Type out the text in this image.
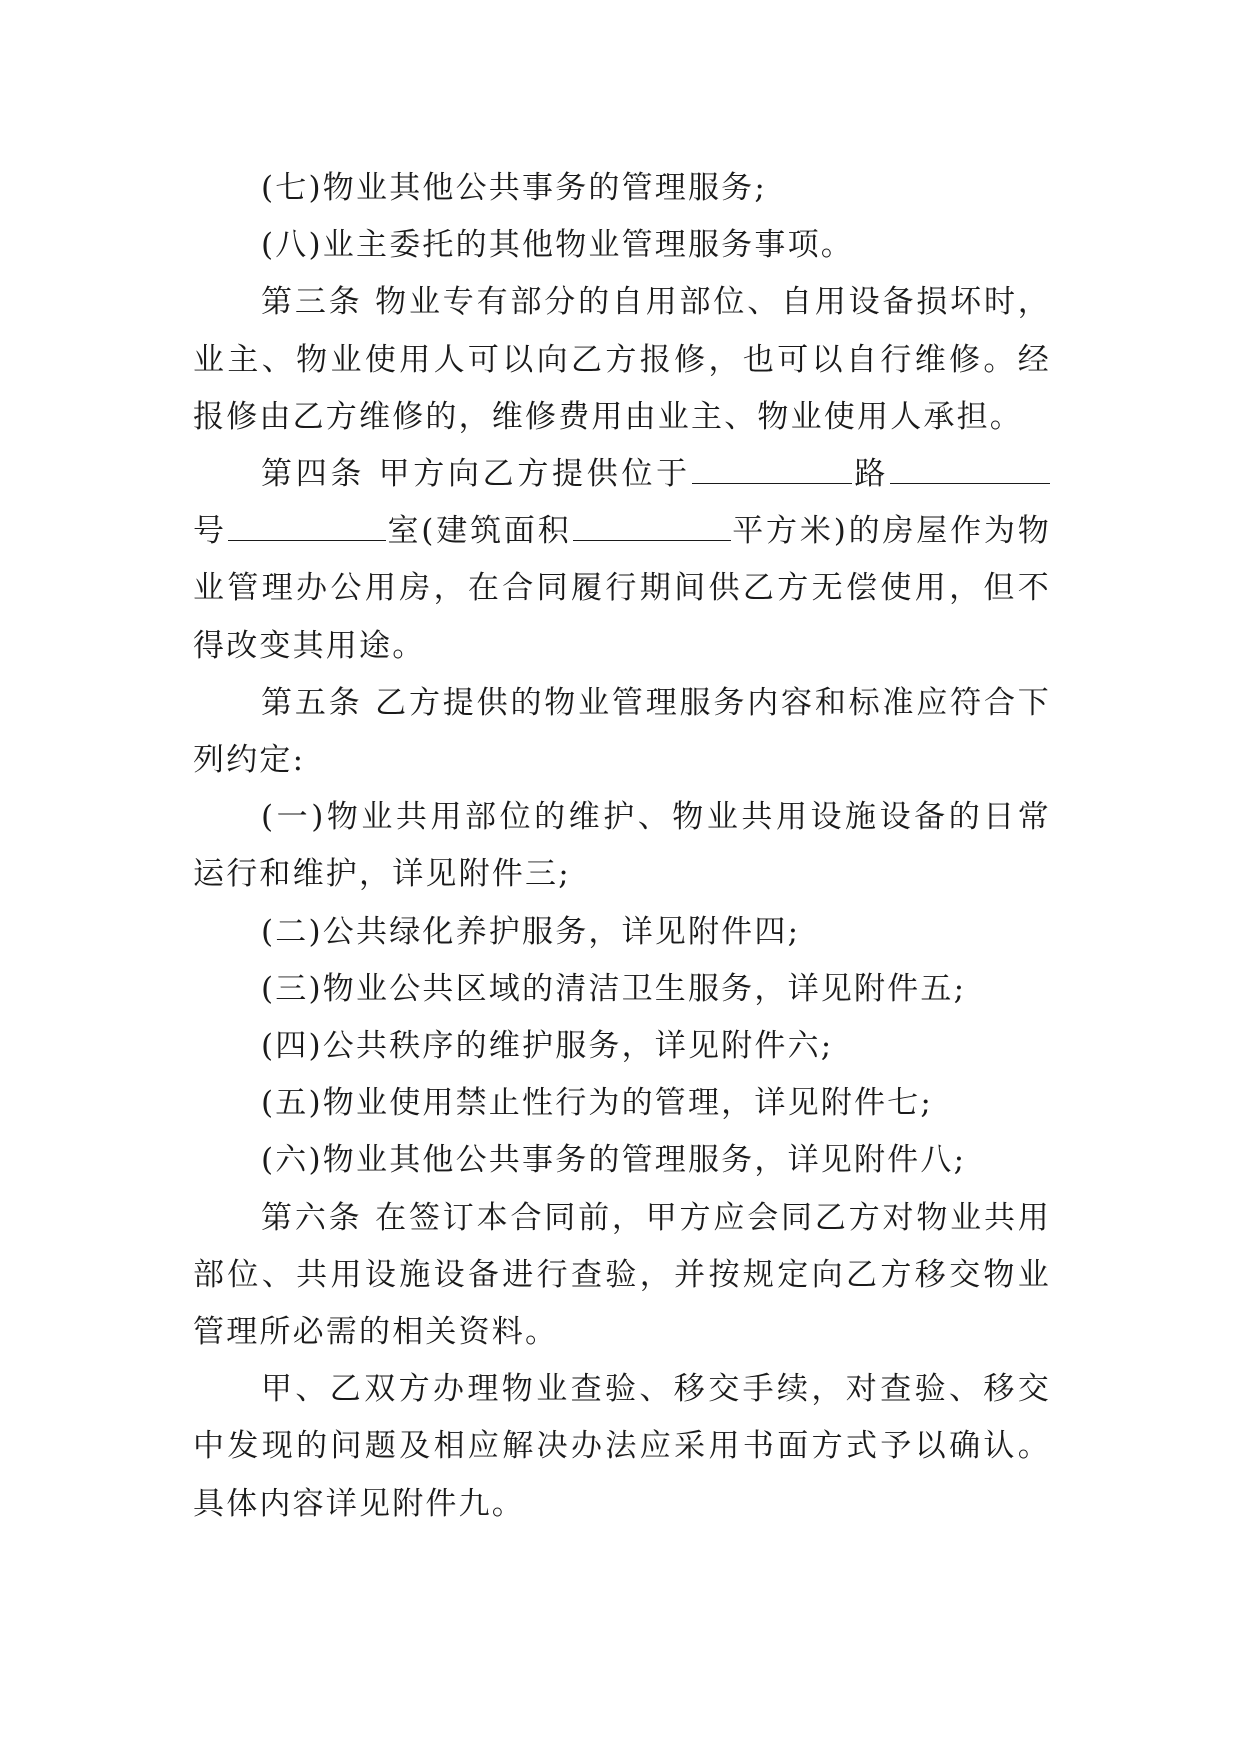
(七)物业其他公共事务的管理服务;

(八)业主委托的其他物业管理服务事项。

第三条 物业专有部分的自用部位、自用设备损坏时，业主、物业使用人可以向乙方报修，也可以自行维修。经报修由乙方维修的，维修费用由业主、物业使用人承担。

第四条 甲方向乙方提供位于	路号	室(建筑面积	平方米)的房屋作为物业管理办公用房，在合同履行期间供乙方无偿使用，但不得改变其用途。

第五条 乙方提供的物业管理服务内容和标准应符合下列约定:

(一)物业共用部位的维护、物业共用设施设备的日常运行和维护，详见附件三;

(二)公共绿化养护服务，详见附件四;

(三)物业公共区域的清洁卫生服务，详见附件五;

(四)公共秩序的维护服务，详见附件六;

(五)物业使用禁止性行为的管理，详见附件七;

(六)物业其他公共事务的管理服务，详见附件八;

第六条 在签订本合同前，甲方应会同乙方对物业共用部位、共用设施设备进行查验，并按规定向乙方移交物业管理所必需的相关资料。

甲、乙双方办理物业查验、移交手续，对查验、移交中发现的问题及相应解决办法应采用书面方式予以确认。具体内容详见附件九。
